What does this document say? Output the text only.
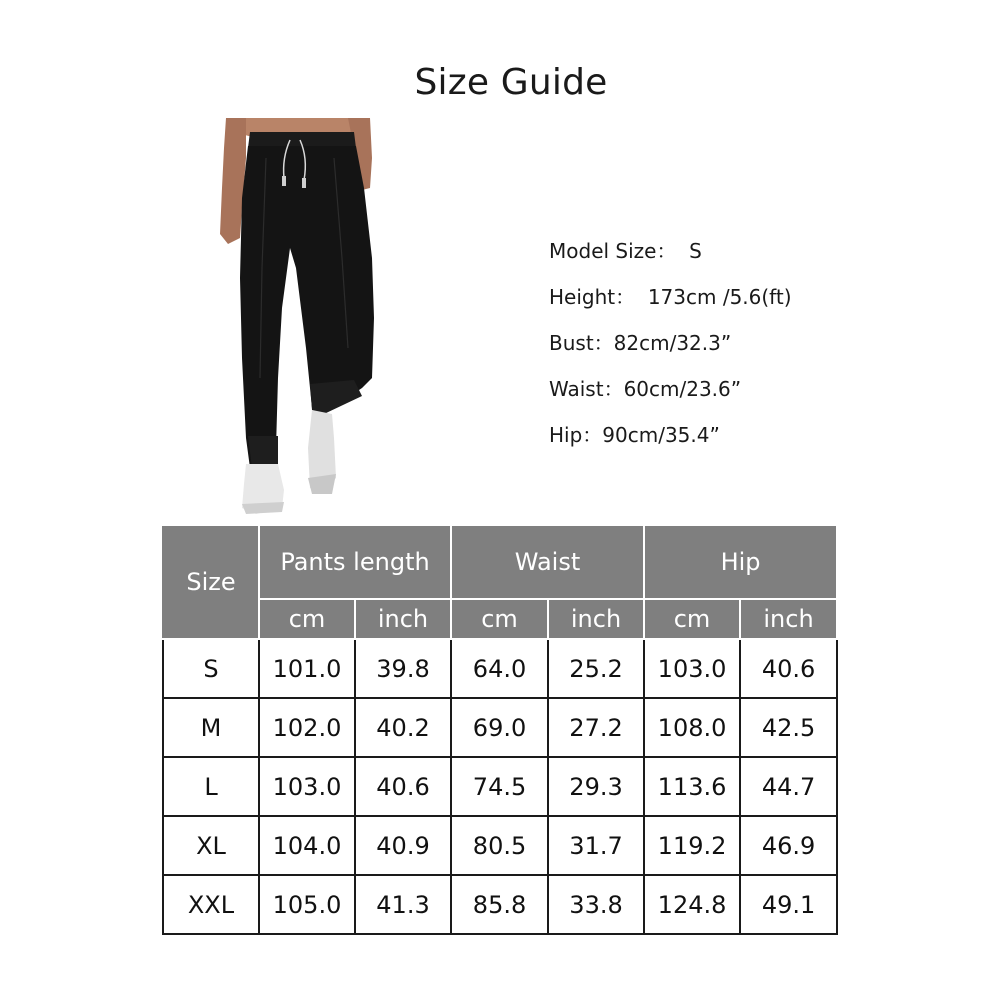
Size Guide
Model Size：  S
Height：  173cm /5.6(ft)
Bust：82cm/32.3”
Waist：60cm/23.6”
Hip：90cm/35.4”
Size	Pants length		Waist		Hip	
	cm	inch	cm	inch	cm	inch
S	101.0	39.8	64.0	25.2	103.0	40.6
M	102.0	40.2	69.0	27.2	108.0	42.5
L	103.0	40.6	74.5	29.3	113.6	44.7
XL	104.0	40.9	80.5	31.7	119.2	46.9
XXL	105.0	41.3	85.8	33.8	124.8	49.1
